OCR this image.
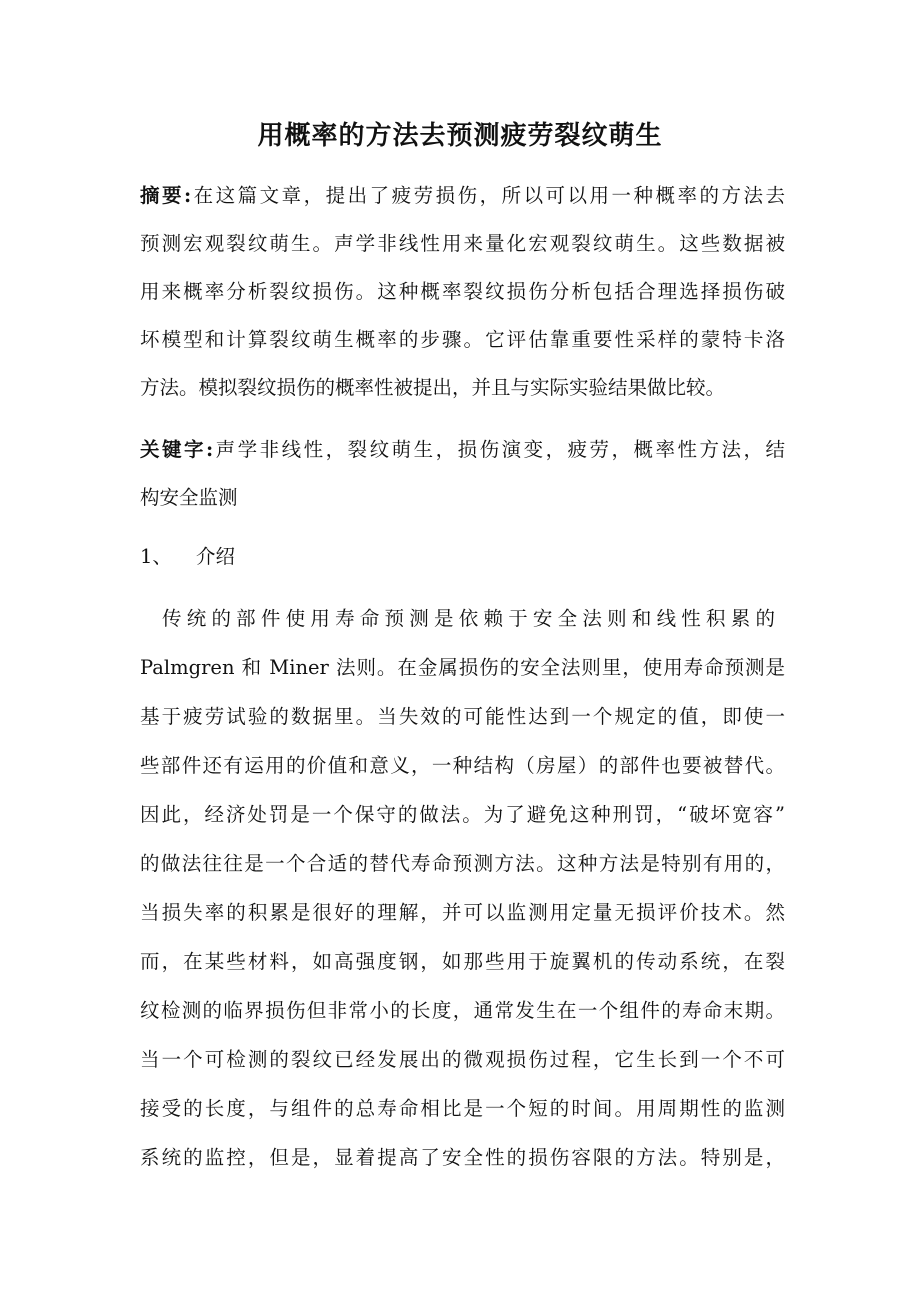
用概率的方法去预测疲劳裂纹萌生
摘要:在这篇文章，提出了疲劳损伤，所以可以用一种概率的方法去
预测宏观裂纹萌生。声学非线性用来量化宏观裂纹萌生。这些数据被
用来概率分析裂纹损伤。这种概率裂纹损伤分析包括合理选择损伤破
坏模型和计算裂纹萌生概率的步骤。它评估靠重要性采样的蒙特卡洛
方法。模拟裂纹损伤的概率性被提出，并且与实际实验结果做比较。
关键字:声学非线性，裂纹萌生，损伤演变，疲劳，概率性方法，结
构安全监测
1、 介绍
传统的部件使用寿命预测是依赖于安全法则和线性积累的
Palmgren 和 Miner 法则。在金属损伤的安全法则里，使用寿命预测是
基于疲劳试验的数据里。当失效的可能性达到一个规定的值，即使一
些部件还有运用的价值和意义，一种结构（房屋）的部件也要被替代。
因此，经济处罚是一个保守的做法。为了避免这种刑罚，“破坏宽容”
的做法往往是一个合适的替代寿命预测方法。这种方法是特别有用的，
当损失率的积累是很好的理解，并可以监测用定量无损评价技术。然
而，在某些材料，如高强度钢，如那些用于旋翼机的传动系统，在裂
纹检测的临界损伤但非常小的长度，通常发生在一个组件的寿命末期。
当一个可检测的裂纹已经发展出的微观损伤过程，它生长到一个不可
接受的长度，与组件的总寿命相比是一个短的时间。用周期性的监测
系统的监控，但是，显着提高了安全性的损伤容限的方法。特别是，
